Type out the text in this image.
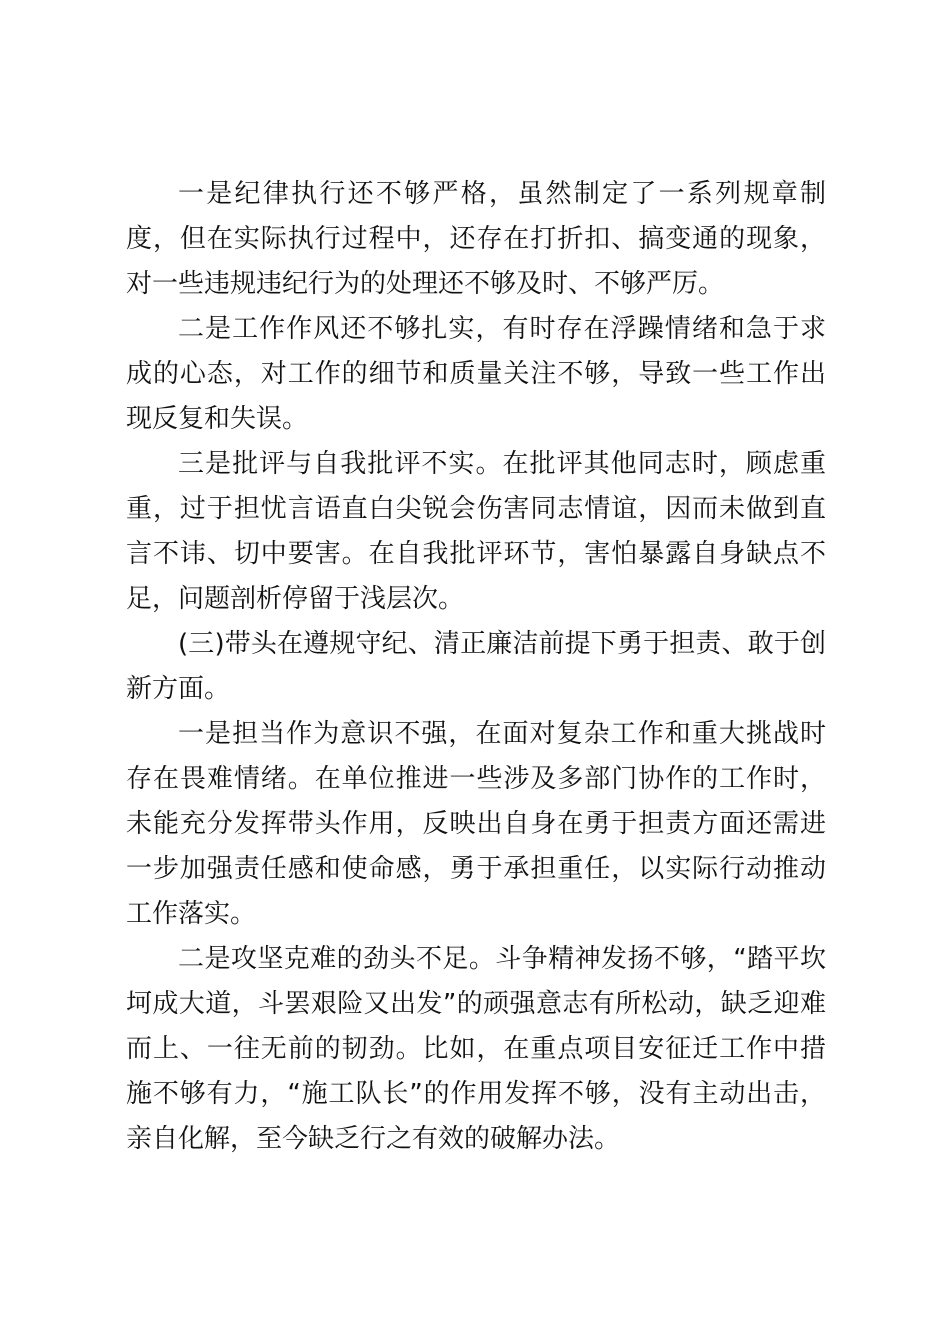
一是纪律执行还不够严格，虽然制定了一系列规章制度，但在实际执行过程中，还存在打折扣、搞变通的现象，对一些违规违纪行为的处理还不够及时、不够严厉。

二是工作作风还不够扎实，有时存在浮躁情绪和急于求成的心态，对工作的细节和质量关注不够，导致一些工作出现反复和失误。

三是批评与自我批评不实。在批评其他同志时，顾虑重重，过于担忧言语直白尖锐会伤害同志情谊，因而未做到直言不讳、切中要害。在自我批评环节，害怕暴露自身缺点不足，问题剖析停留于浅层次。

(三)带头在遵规守纪、清正廉洁前提下勇于担责、敢于创新方面。

一是担当作为意识不强，在面对复杂工作和重大挑战时存在畏难情绪。在单位推进一些涉及多部门协作的工作时，未能充分发挥带头作用，反映出自身在勇于担责方面还需进一步加强责任感和使命感，勇于承担重任，以实际行动推动工作落实。

二是攻坚克难的劲头不足。斗争精神发扬不够，“踏平坎坷成大道，斗罢艰险又出发”的顽强意志有所松动，缺乏迎难而上、一往无前的韧劲。比如，在重点项目安征迁工作中措施不够有力，“施工队长”的作用发挥不够，没有主动出击，亲自化解，至今缺乏行之有效的破解办法。
